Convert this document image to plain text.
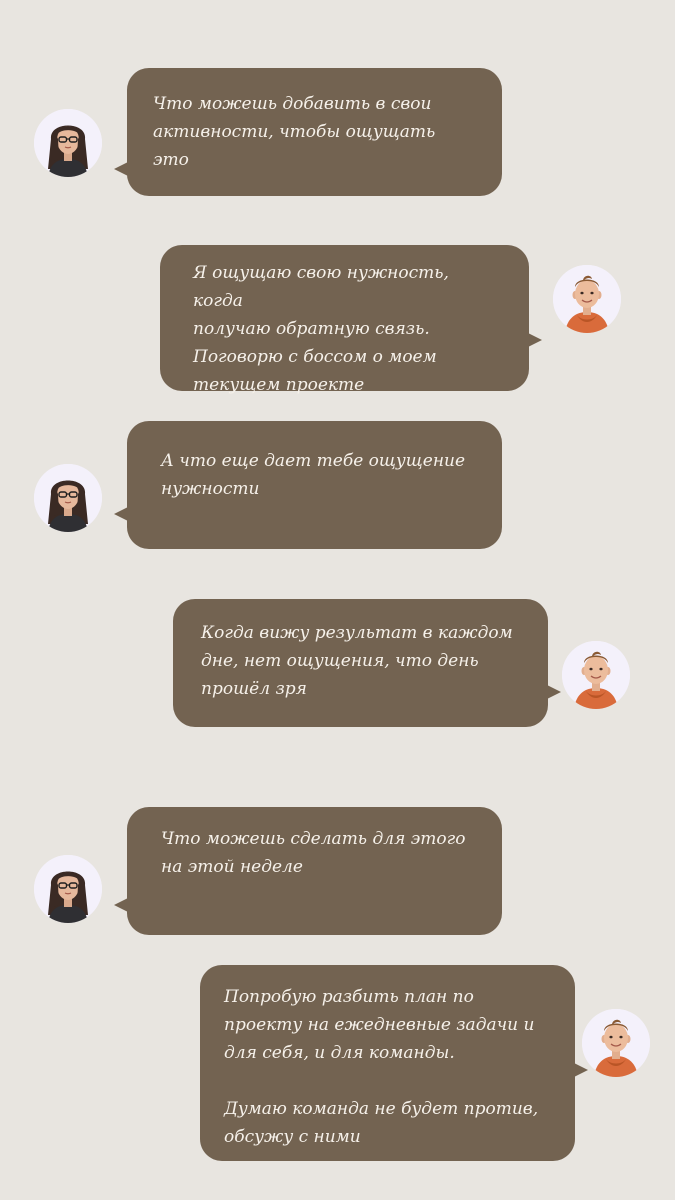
Что можешь добавить в свои
активности, чтобы ощущать
это
Я ощущаю свою нужность, когда
получаю обратную связь.
Поговорю с боссом о моем
текущем проекте
А что еще дает тебе ощущение
нужности
Когда вижу результат в каждом
дне, нет ощущения, что день
прошёл зря
Что можешь сделать для этого
на этой неделе
Попробую разбить план по
проекту на ежедневные задачи и
для себя, и для команды.

Думаю команда не будет против,
обсужу с ними
